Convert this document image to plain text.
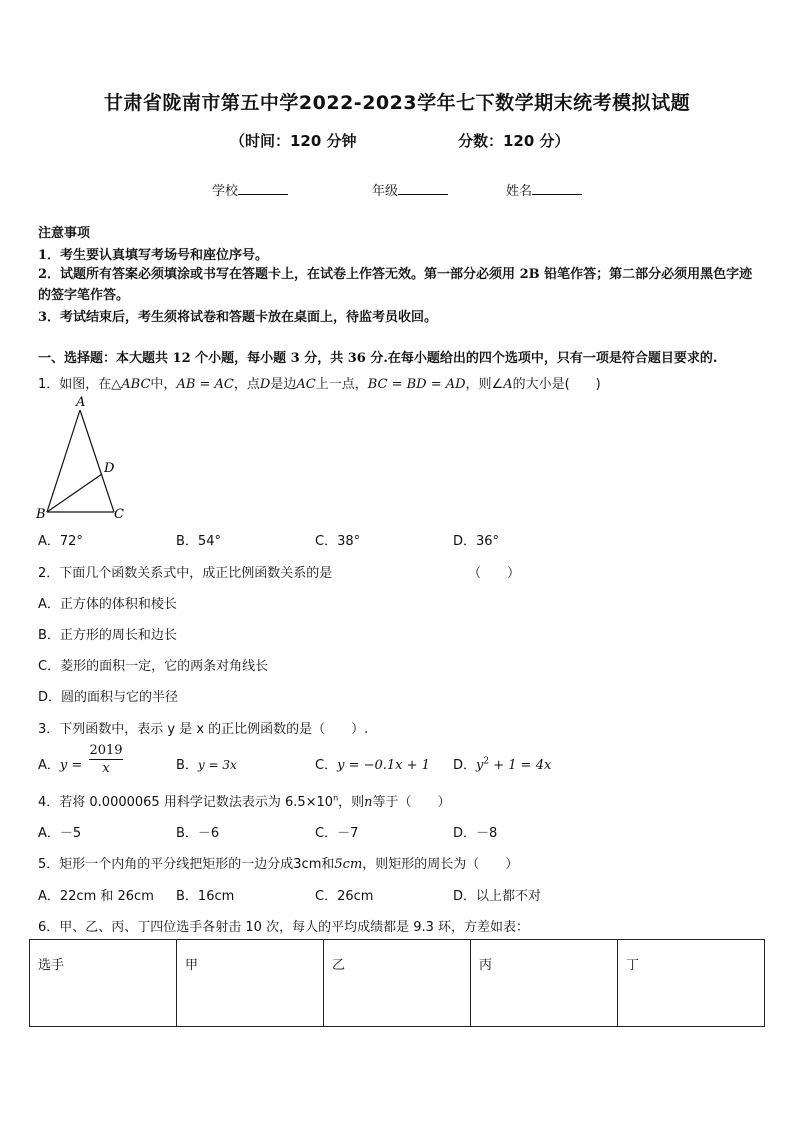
甘肃省陇南市第五中学2022-2023学年七下数学期末统考模拟试题
（时间：120 分钟	分数：120 分）
学校	年级	姓名
注意事项
1．考生要认真填写考场号和座位序号。
2．试题所有答案必须填涂或书写在答题卡上，在试卷上作答无效。第一部分必须用 2B 铅笔作答；第二部分必须用黑色字迹的签字笔作答。
3．考试结束后，考生须将试卷和答题卡放在桌面上，待监考员收回。
一、选择题：本大题共 12 个小题，每小题 3 分，共 36 分.在每小题给出的四个选项中，只有一项是符合题目要求的.
1．如图，在△ABC中，AB = AC，点D是边AC上一点，BC = BD = AD，则∠A的大小是(　　)
A
B	C
D
A．72°	B．54°	C．38°	D．36°
2．下面几个函数关系式中，成正比例函数关系的是	（　　）
A．正方体的体积和棱长
B．正方形的周长和边长
C．菱形的面积一定，它的两条对角线长
D．圆的面积与它的半径
3．下列函数中，表示 y 是 x 的正比例函数的是（　　）.
A．$y = \frac{2019}{x}$	B．y = 3x	C．y = −0.1x + 1 D．$y^2 + 1 = 4x$
4．若将 0.0000065 用科学记数法表示为 $6.5\times 10^n$，则n等于（　　）
A．－5	B．－6	C．－7	D．－8
5．矩形一个内角的平分线把矩形的一边分成3cm和5cm，则矩形的周长为（　　）
A．22cm 和 26cm B．16cm	C．26cm	D．以上都不对
6．甲、乙、丙、丁四位选手各射击 10 次，每人的平均成绩都是 9.3 环，方差如表：
选手	甲	乙	丙	丁
